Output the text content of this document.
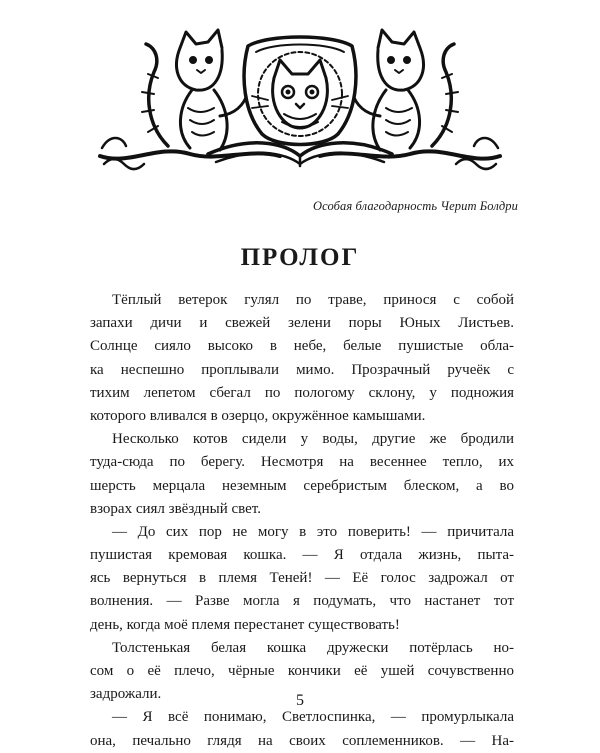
Особая благодарность Черит Болдри
ПРОЛОГ
Тёплый ветерок гулял по траве, принося с собой
запахи дичи и свежей зелени поры Юных Листьев.
Солнце сияло высоко в небе, белые пушистые обла-
ка неспешно проплывали мимо. Прозрачный ручеёк с
тихим лепетом сбегал по пологому склону, у подножия
которого вливался в озерцо, окружённое камышами.
Несколько котов сидели у воды, другие же бродили
туда-сюда по берегу. Несмотря на весеннее тепло, их
шерсть мерцала неземным серебристым блеском, а во
взорах сиял звёздный свет.
— До сих пор не могу в это поверить! — причитала
пушистая кремовая кошка. — Я отдала жизнь, пыта-
ясь вернуться в племя Теней! — Её голос задрожал от
волнения. — Разве могла я подумать, что настанет тот
день, когда моё племя перестанет существовать!
Толстенькая белая кошка дружески потёрлась но-
сом о её плечо, чёрные кончики её ушей сочувственно
задрожали.
— Я всё понимаю, Светлоспинка, — промурлыкала
она, печально глядя на своих соплеменников. — На-
5
